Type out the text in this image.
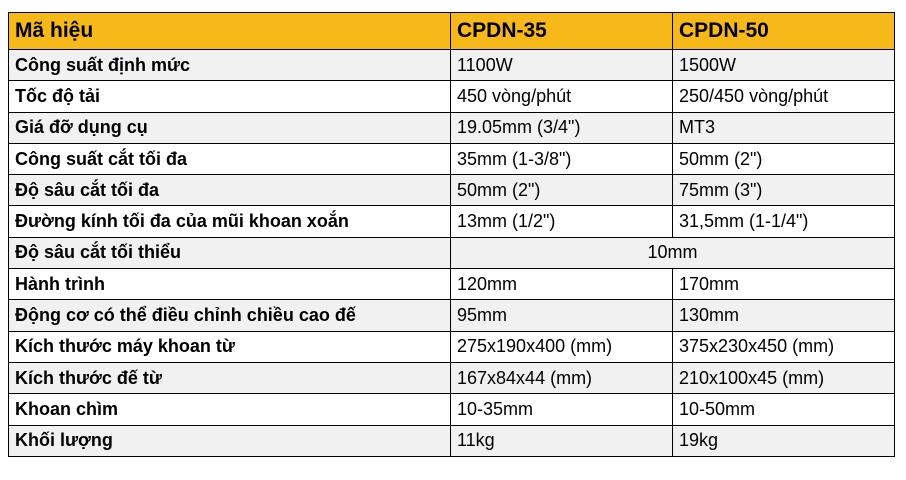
Mã hiệu	CPDN-35	CPDN-50
Công suất định mức	1100W	1500W
Tốc độ tải	450 vòng/phút	250/450 vòng/phút
Giá đỡ dụng cụ	19.05mm (3/4")	MT3
Công suất cắt tối đa	35mm (1-3/8")	50mm (2")
Độ sâu cắt tối đa	50mm (2")	75mm (3")
Đường kính tối đa của mũi khoan xoắn	13mm (1/2")	31,5mm (1-1/4")
Độ sâu cắt tối thiểu	10mm	
Hành trình	120mm	170mm
Động cơ có thể điều chỉnh chiều cao đế	95mm	130mm
Kích thước máy khoan từ	275x190x400 (mm)	375x230x450 (mm)
Kích thước đế từ	167x84x44 (mm)	210x100x45 (mm)
Khoan chìm	10-35mm	10-50mm
Khối lượng	11kg	19kg
